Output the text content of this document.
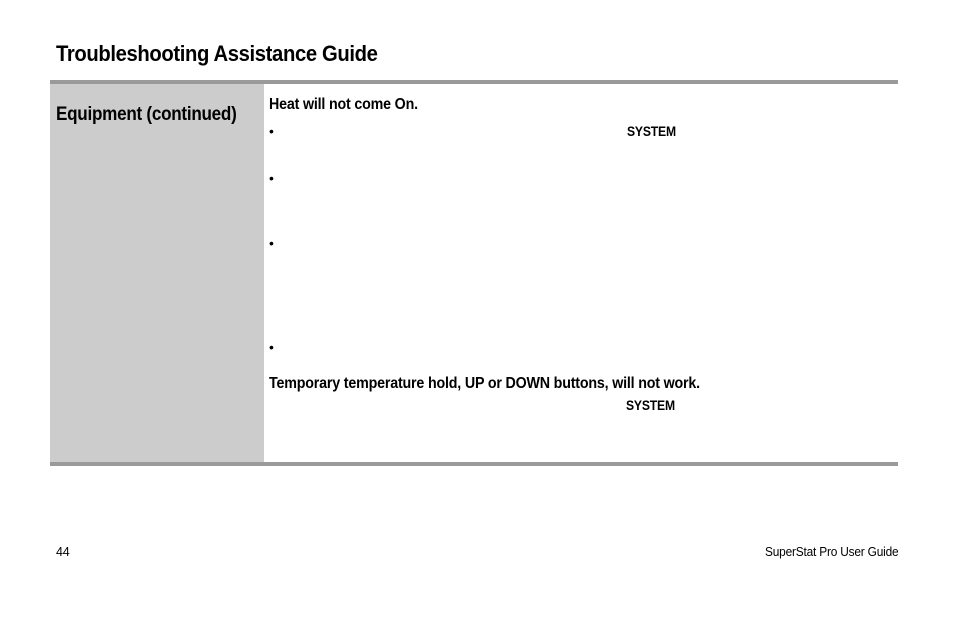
Troubleshooting Assistance Guide
Equipment (continued) Heat will not come On.
•	SYSTEM
•
•
•
Temporary temperature hold, UP or DOWN buttons, will not work.
SYSTEM
44	SuperStat Pro User Guide
